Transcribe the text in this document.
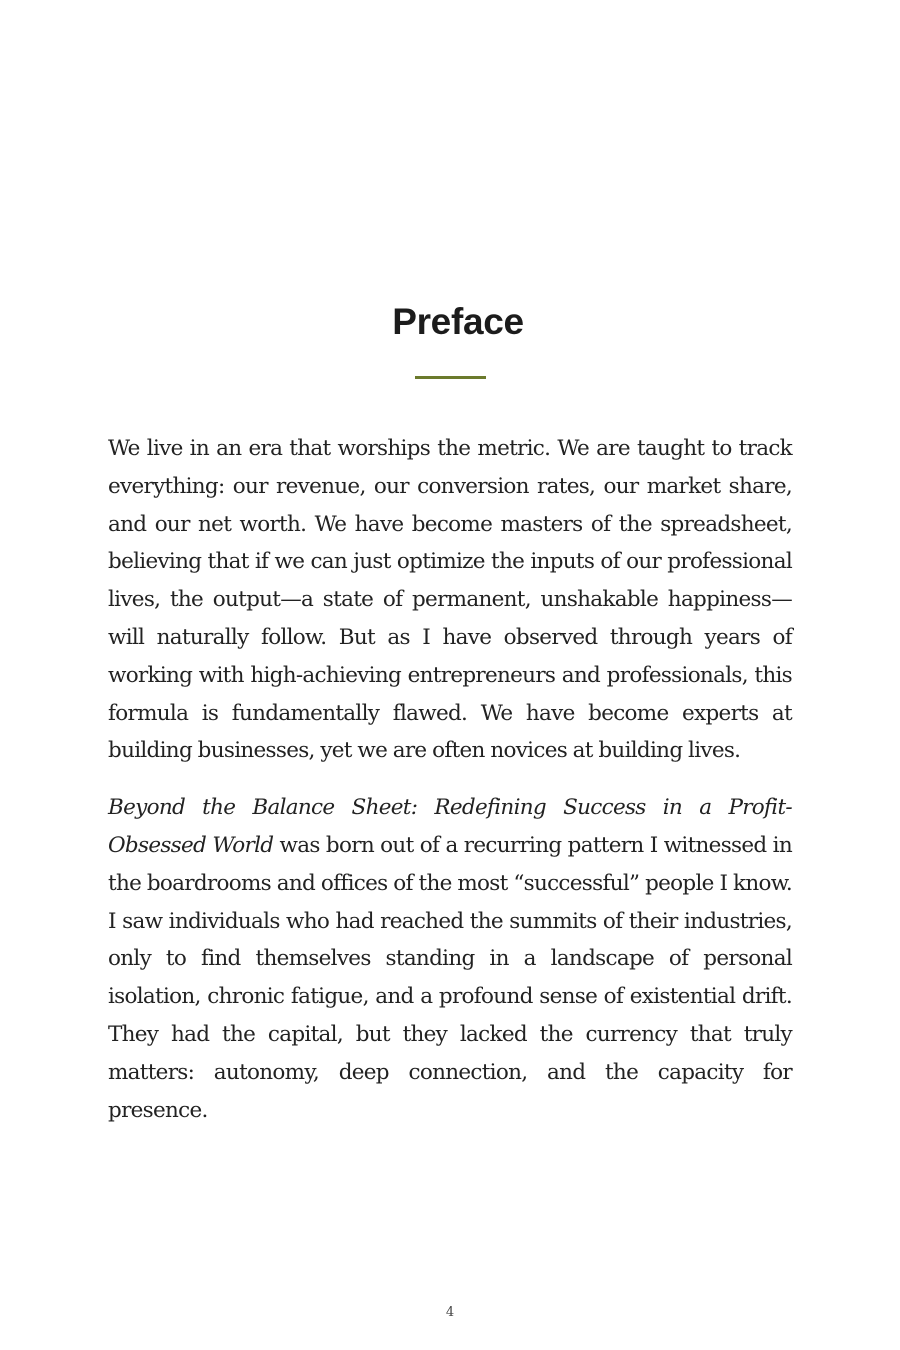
Preface

We live in an era that worships the metric. We are taught to track everything: our revenue, our conversion rates, our market share, and our net worth. We have become masters of the spreadsheet, believing that if we can just optimize the inputs of our professional lives, the output—a state of permanent, unshakable happiness—will naturally follow. But as I have observed through years of working with high-achieving entrepreneurs and professionals, this formula is fundamentally flawed. We have become experts at building businesses, yet we are often novices at building lives.

Beyond the Balance Sheet: Redefining Success in a Profit-Obsessed World was born out of a recurring pattern I witnessed in the boardrooms and offices of the most “successful” people I know. I saw individuals who had reached the summits of their industries, only to find themselves standing in a landscape of personal isolation, chronic fatigue, and a profound sense of existential drift. They had the capital, but they lacked the currency that truly matters: autonomy, deep connection, and the capacity for presence.

4
